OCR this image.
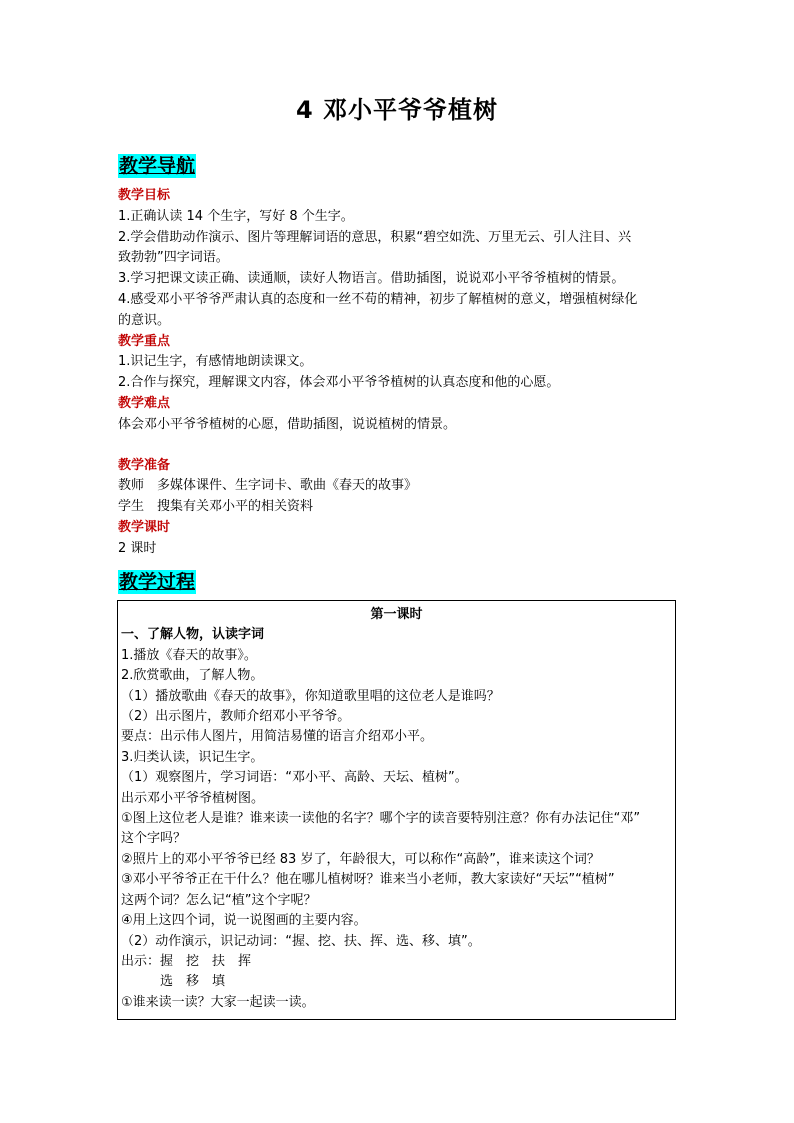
4 邓小平爷爷植树
教学导航

教学目标

1.正确认读 14 个生字，写好 8 个生字。

2.学会借助动作演示、图片等理解词语的意思，积累“碧空如洗、万里无云、引人注目、兴

致勃勃”四字词语。

3.学习把课文读正确、读通顺，读好人物语言。借助插图，说说邓小平爷爷植树的情景。

4.感受邓小平爷爷严肃认真的态度和一丝不苟的精神，初步了解植树的意义，增强植树绿化

的意识。

教学重点

1.识记生字，有感情地朗读课文。

2.合作与探究，理解课文内容，体会邓小平爷爷植树的认真态度和他的心愿。

教学难点

体会邓小平爷爷植树的心愿，借助插图，说说植树的情景。

教学准备

教师　多媒体课件、生字词卡、歌曲《春天的故事》

学生　搜集有关邓小平的相关资料

教学课时

2 课时

教学过程

第一课时

一、了解人物，认读字词

1.播放《春天的故事》。

2.欣赏歌曲，了解人物。

（1）播放歌曲《春天的故事》，你知道歌里唱的这位老人是谁吗？

（2）出示图片，教师介绍邓小平爷爷。

要点：出示伟人图片，用简洁易懂的语言介绍邓小平。

3.归类认读，识记生字。

（1）观察图片，学习词语：“邓小平、高龄、天坛、植树”。

出示邓小平爷爷植树图。

①图上这位老人是谁？谁来读一读他的名字？哪个字的读音要特别注意？你有办法记住“邓”

这个字吗？

②照片上的邓小平爷爷已经 83 岁了，年龄很大，可以称作“高龄”，谁来读这个词？

③邓小平爷爷正在干什么？他在哪儿植树呀？谁来当小老师，教大家读好“天坛”“植树”

这两个词？怎么记“植”这个字呢？

④用上这四个词，说一说图画的主要内容。

（2）动作演示，识记动词：“握、挖、扶、挥、选、移、填”。

出示：握　挖　扶　挥

　　　选　移　填

①谁来读一读？大家一起读一读。
